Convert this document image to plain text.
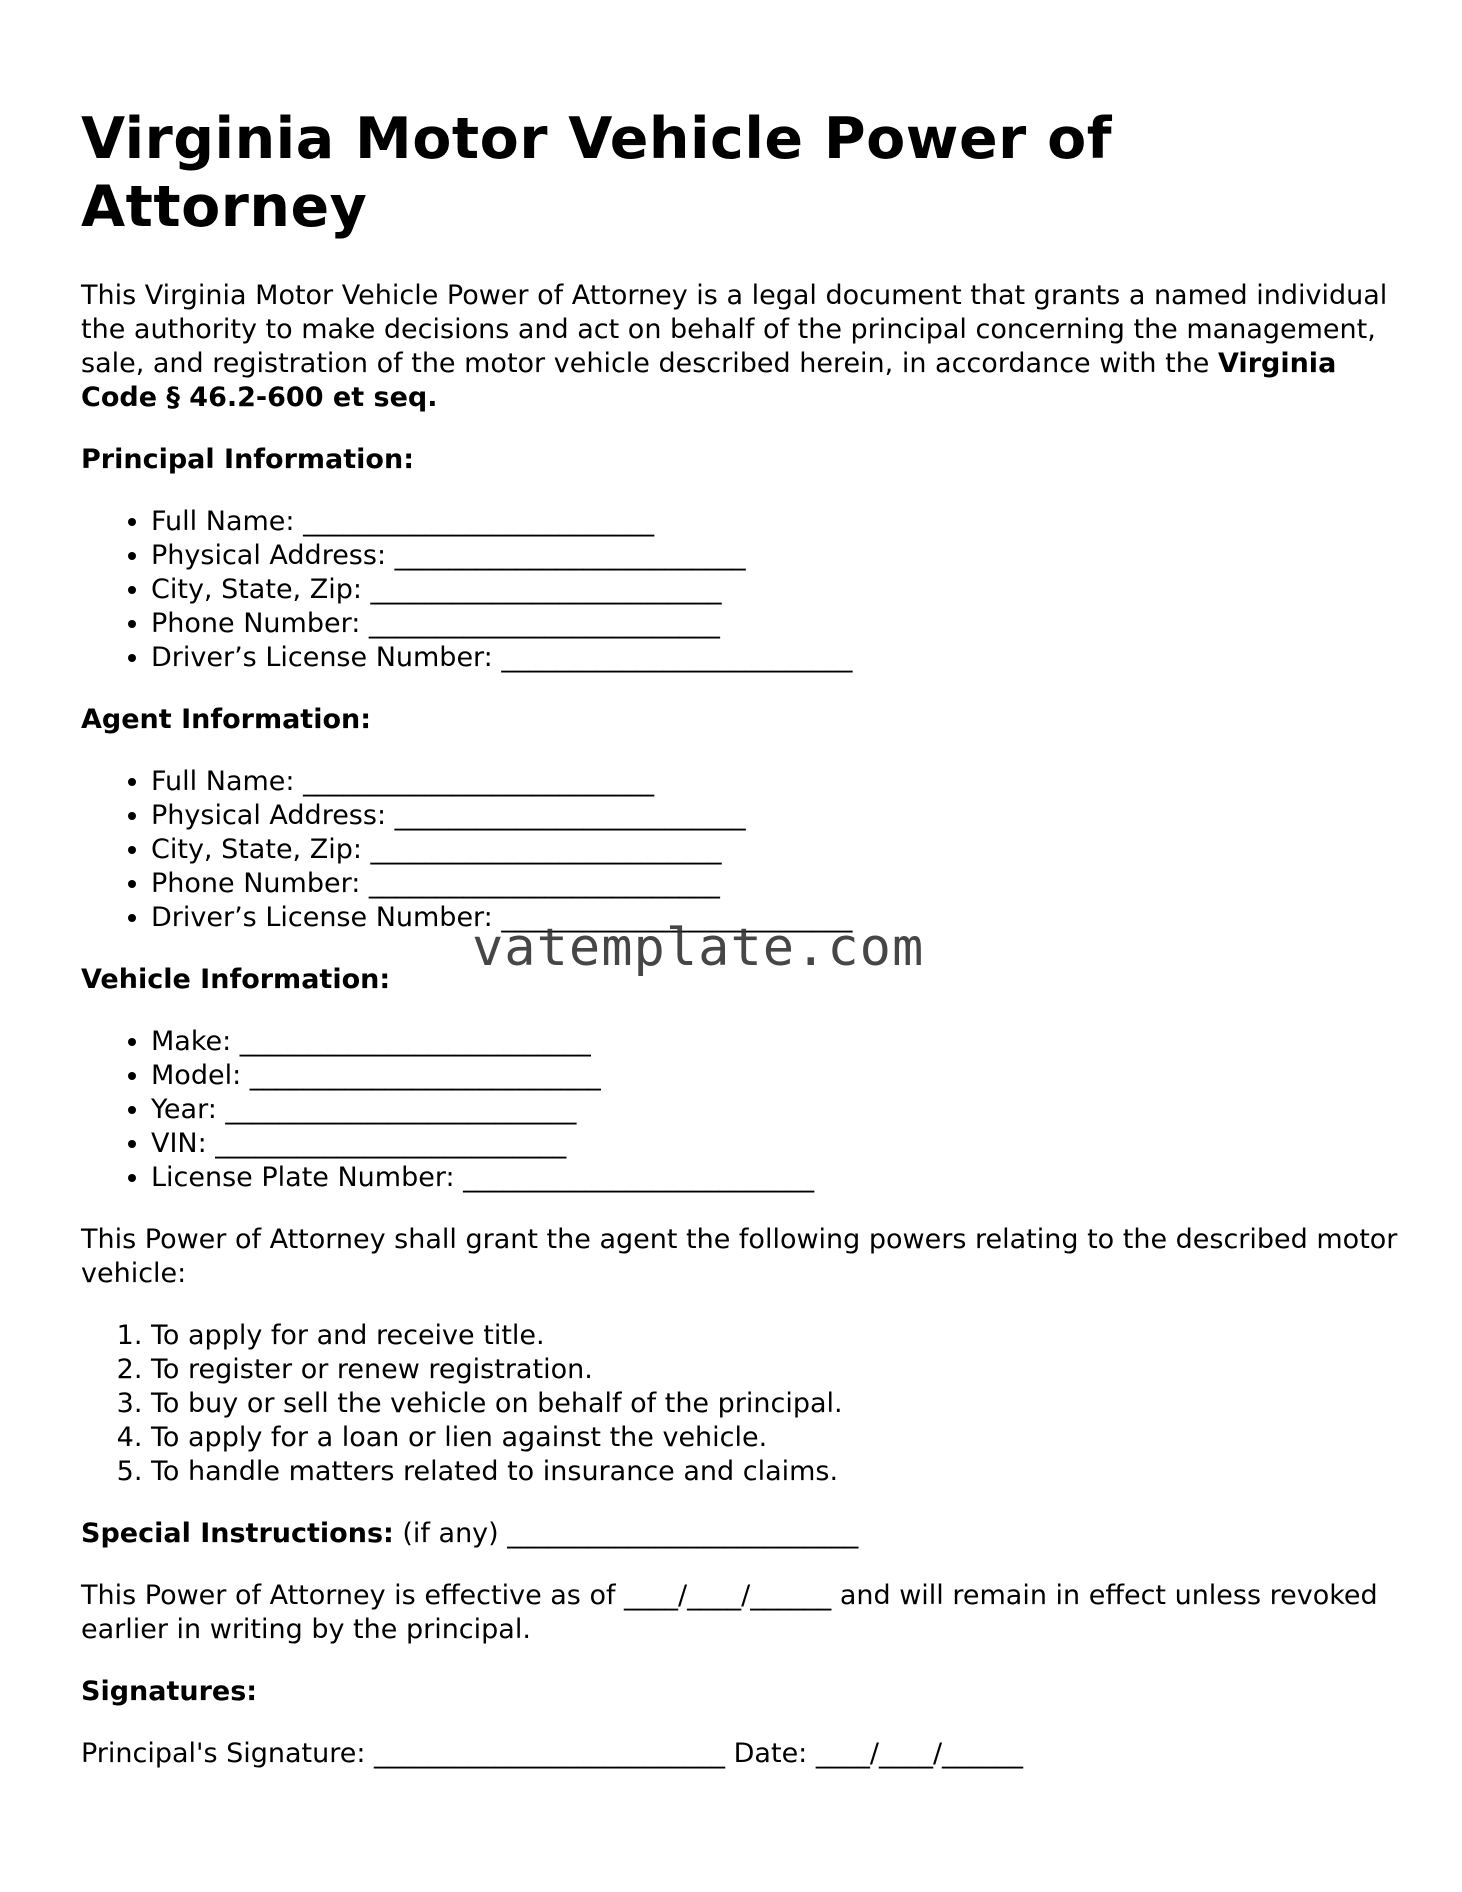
Virginia Motor Vehicle Power of Attorney

This Virginia Motor Vehicle Power of Attorney is a legal document that grants a named individual the authority to make decisions and act on behalf of the principal concerning the management, sale, and registration of the motor vehicle described herein, in accordance with the Virginia Code § 46.2-600 et seq.

Principal Information:
• Full Name: __________________________
• Physical Address: __________________________
• City, State, Zip: __________________________
• Phone Number: __________________________
• Driver’s License Number: __________________________
Agent Information:
• Full Name: __________________________
• Physical Address: __________________________
• City, State, Zip: __________________________
• Phone Number: __________________________
• Driver’s License Number: __________________________
Vehicle Information:
• Make: __________________________
• Model: __________________________
• Year: __________________________
• VIN: __________________________
• License Plate Number: __________________________

This Power of Attorney shall grant the agent the following powers relating to the described motor vehicle:

1. To apply for and receive title.
2. To register or renew registration.
3. To buy or sell the vehicle on behalf of the principal.
4. To apply for a loan or lien against the vehicle.
5. To handle matters related to insurance and claims.

Special Instructions: (if any) __________________________

This Power of Attorney is effective as of ____/____/______ and will remain in effect unless revoked earlier in writing by the principal.

Signatures:

Principal's Signature: __________________________ Date: ____/____/______

vatemplate.com
